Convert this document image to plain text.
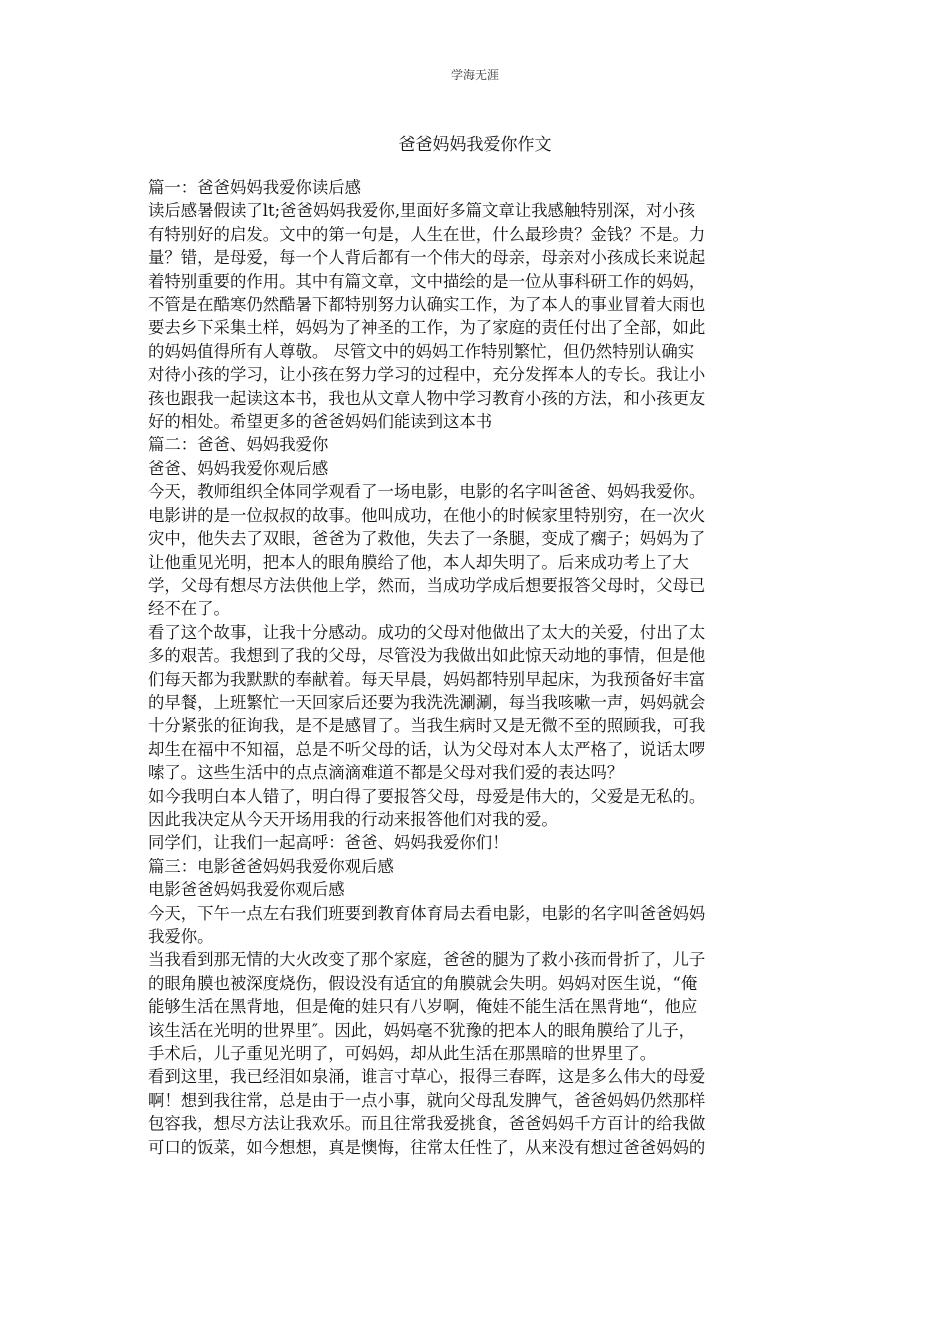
学海无涯
爸爸妈妈我爱你作文

篇一：爸爸妈妈我爱你读后感

读后感暑假读了lt;爸爸妈妈我爱你,里面好多篇文章让我感触特别深，对小孩

有特别好的启发。文中的第一句是，人生在世，什么最珍贵？金钱？不是。力

量？错，是母爱，每一个人背后都有一个伟大的母亲，母亲对小孩成长来说起

着特别重要的作用。其中有篇文章，文中描绘的是一位从事科研工作的妈妈，

不管是在酷寒仍然酷暑下都特别努力认确实工作，为了本人的事业冒着大雨也

要去乡下采集土样，妈妈为了神圣的工作，为了家庭的责任付出了全部，如此

的妈妈值得所有人尊敬。 尽管文中的妈妈工作特别繁忙，但仍然特别认确实

对待小孩的学习，让小孩在努力学习的过程中，充分发挥本人的专长。我让小

孩也跟我一起读这本书，我也从文章人物中学习教育小孩的方法，和小孩更友

好的相处。希望更多的爸爸妈妈们能读到这本书

篇二：爸爸、妈妈我爱你

爸爸、妈妈我爱你观后感

今天，教师组织全体同学观看了一场电影，电影的名字叫爸爸、妈妈我爱你。

电影讲的是一位叔叔的故事。他叫成功，在他小的时候家里特别穷，在一次火

灾中，他失去了双眼，爸爸为了救他，失去了一条腿，变成了瘸子；妈妈为了

让他重见光明，把本人的眼角膜给了他，本人却失明了。后来成功考上了大

学，父母有想尽方法供他上学，然而，当成功学成后想要报答父母时，父母已

经不在了。

看了这个故事，让我十分感动。成功的父母对他做出了太大的关爱，付出了太

多的艰苦。我想到了我的父母，尽管没为我做出如此惊天动地的事情，但是他

们每天都为我默默的奉献着。每天早晨，妈妈都特别早起床，为我预备好丰富

的早餐，上班繁忙一天回家后还要为我洗洗涮涮，每当我咳嗽一声，妈妈就会

十分紧张的征询我，是不是感冒了。当我生病时又是无微不至的照顾我，可我

却生在福中不知福，总是不听父母的话，认为父母对本人太严格了，说话太啰

嗦了。这些生活中的点点滴滴难道不都是父母对我们爱的表达吗？

如今我明白本人错了，明白得了要报答父母，母爱是伟大的，父爱是无私的。

因此我决定从今天开场用我的行动来报答他们对我的爱。

同学们，让我们一起高呼：爸爸、妈妈我爱你们！

篇三：电影爸爸妈妈我爱你观后感

电影爸爸妈妈我爱你观后感

今天，下午一点左右我们班要到教育体育局去看电影，电影的名字叫爸爸妈妈

我爱你。

当我看到那无情的大火改变了那个家庭，爸爸的腿为了救小孩而骨折了，儿子

的眼角膜也被深度烧伤，假设没有适宜的角膜就会失明。妈妈对医生说，“俺

能够生活在黑背地，但是俺的娃只有八岁啊，俺娃不能生活在黑背地“，他应

该生活在光明的世界里″。因此，妈妈毫不犹豫的把本人的眼角膜给了儿子，

手术后，儿子重见光明了，可妈妈，却从此生活在那黑暗的世界里了。

看到这里，我已经泪如泉涌，谁言寸草心，报得三春晖，这是多么伟大的母爱

啊！想到我往常，总是由于一点小事，就向父母乱发脾气，爸爸妈妈仍然那样

包容我，想尽方法让我欢乐。而且往常我爱挑食，爸爸妈妈千方百计的给我做

可口的饭菜，如今想想，真是懊悔，往常太任性了，从来没有想过爸爸妈妈的
